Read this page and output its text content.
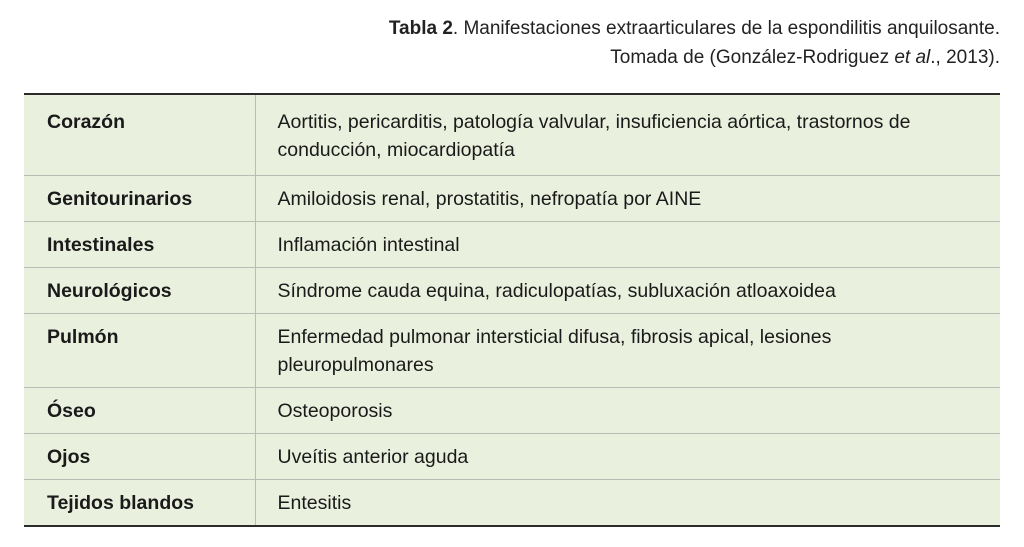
Tabla 2. Manifestaciones extraarticulares de la espondilitis anquilosante.
Tomada de (González-Rodriguez et al., 2013).
Corazón	Aortitis, pericarditis, patología valvular, insuficiencia aórtica, trastornos de conducción, miocardiopatía
Genitourinarios	Amiloidosis renal, prostatitis, nefropatía por AINE
Intestinales	Inflamación intestinal
Neurológicos	Síndrome cauda equina, radiculopatías, subluxación atloaxoidea
Pulmón	Enfermedad pulmonar intersticial difusa, fibrosis apical, lesiones pleuropulmonares
Óseo	Osteoporosis
Ojos	Uveítis anterior aguda
Tejidos blandos	Entesitis
